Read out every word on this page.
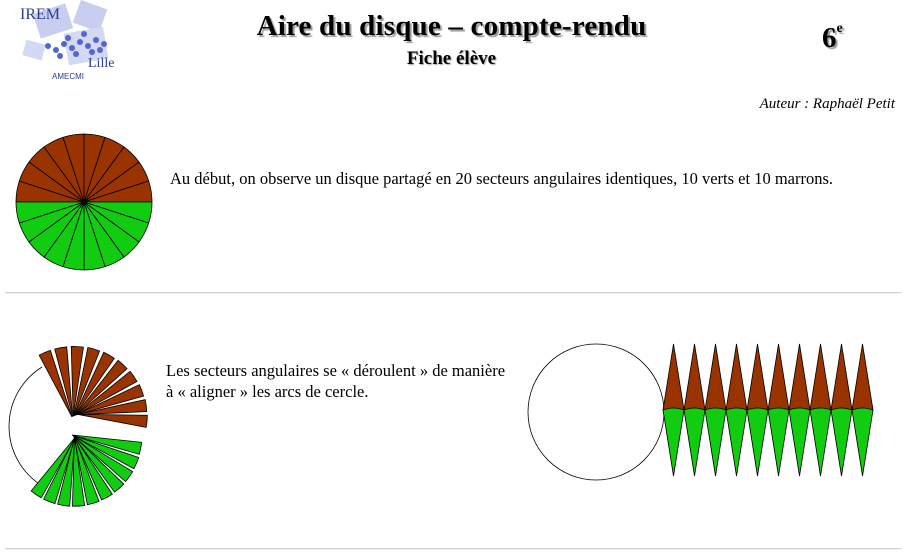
IREM
Lille
AMECMI
Aire du disque – compte-rendu
Fiche élève
6e
Auteur : Raphaël Petit
Au début, on observe un disque partagé en 20 secteurs angulaires identiques, 10 verts et 10 marrons.
Les secteurs angulaires se « déroulent » de manière à « aligner » les arcs de cercle.
